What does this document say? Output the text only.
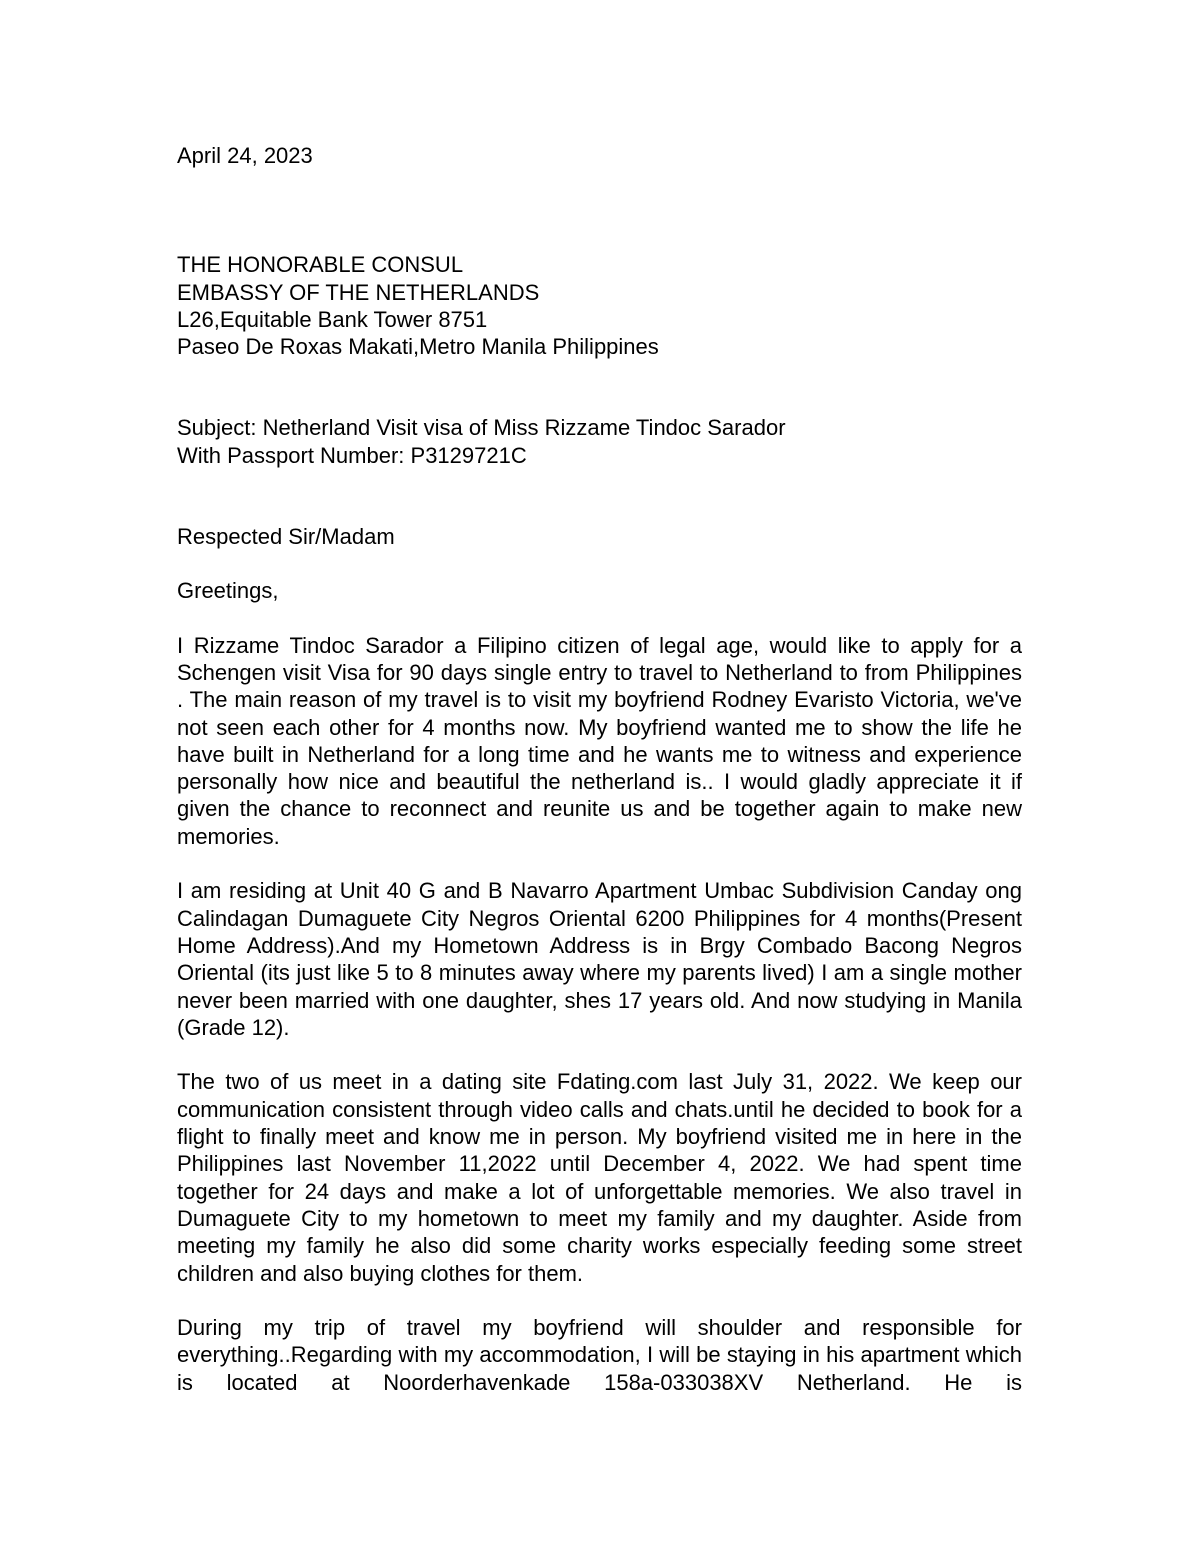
April 24, 2023
THE HONORABLE CONSUL
EMBASSY OF THE NETHERLANDS
L26,Equitable Bank Tower 8751
Paseo De Roxas Makati,Metro Manila Philippines
Subject: Netherland Visit visa of Miss Rizzame Tindoc Sarador
With Passport Number: P3129721C
Respected Sir/Madam
Greetings,

I Rizzame Tindoc Sarador a Filipino citizen of legal age, would like to apply for a Schengen visit Visa for 90 days single entry to travel to Netherland to from Philippines . The main reason of my travel is to visit my boyfriend Rodney Evaristo Victoria, we've not seen each other for 4 months now. My boyfriend wanted me to show the life he have built in Netherland for a long time and he wants me to witness and experience personally how nice and beautiful the netherland is.. I would gladly appreciate it if given the chance to reconnect and reunite us and be together again to make new memories.

I am residing at Unit 40 G and B Navarro Apartment Umbac Subdivision Canday ong Calindagan Dumaguete City Negros Oriental 6200 Philippines for 4 months(Present Home Address).And my Hometown Address is in Brgy Combado Bacong Negros Oriental (its just like 5 to 8 minutes away where my parents lived) I am a single mother never been married with one daughter, shes 17 years old. And now studying in Manila (Grade 12).

The two of us meet in a dating site Fdating.com last July 31, 2022. We keep our communication consistent through video calls and chats.until he decided to book for a flight to finally meet and know me in person. My boyfriend visited me in here in the Philippines last November 11,2022 until December 4, 2022. We had spent time together for 24 days and make a lot of unforgettable memories. We also travel in Dumaguete City to my hometown to meet my family and my daughter. Aside from meeting my family he also did some charity works especially feeding some street children and also buying clothes for them.

During my trip of travel my boyfriend will shoulder and responsible for everything..Regarding with my accommodation, I will be staying in his apartment which is located at Noorderhavenkade 158a-033038XV Netherland. He is
